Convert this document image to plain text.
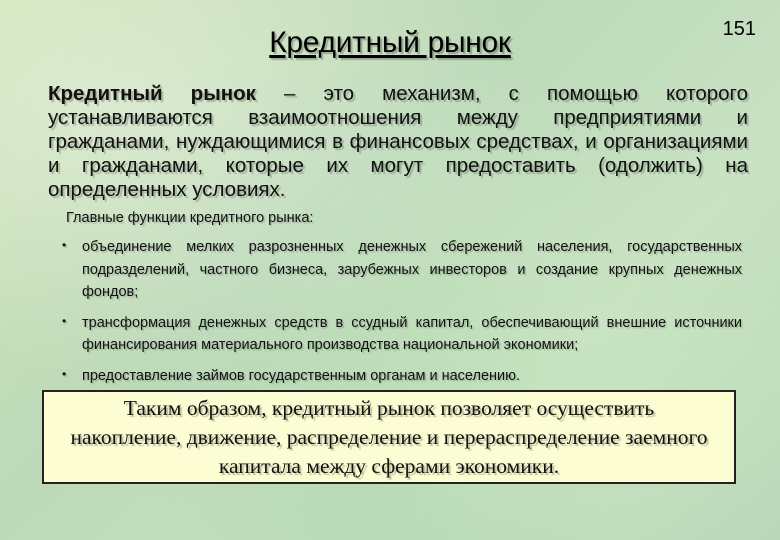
151
Кредитный рынок
Кредитный рынок – это механизм, с помощью которого устанавливаются взаимоотношения между предприятиями и гражданами, нуждающимися в финансовых средствах, и организациями и гражданами, которые их могут предоставить (одолжить) на определенных условиях.
Главные функции кредитного рынка:
• объединение мелких разрозненных денежных сбережений населения, государственных подразделений, частного бизнеса, зарубежных инвесторов и создание крупных денежных фондов;
• трансформация денежных средств в ссудный капитал, обеспечивающий внешние источники финансирования материального производства национальной экономики;
• предоставление займов государственным органам и населению.
Таким образом, кредитный рынок позволяет осуществить накопление, движение, распределение и перераспределение заемного капитала между сферами экономики.
